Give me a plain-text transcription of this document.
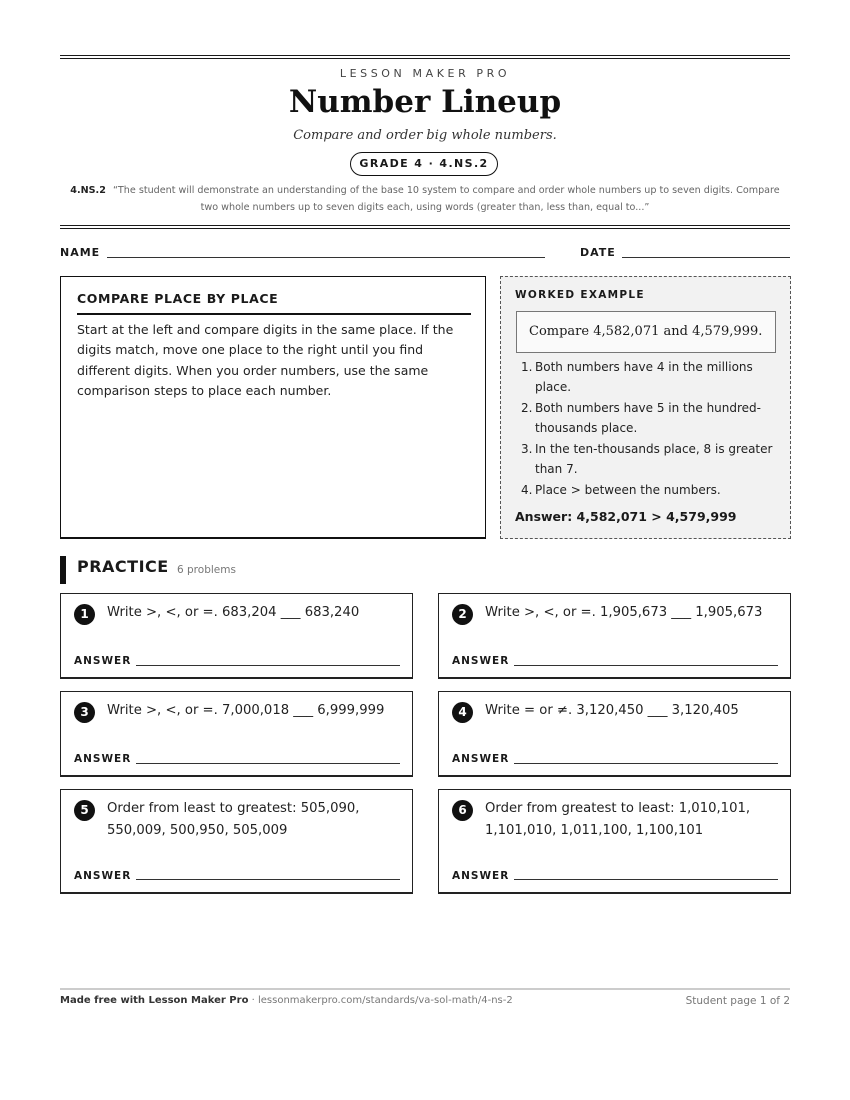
LESSON MAKER PRO
Number Lineup
Compare and order big whole numbers.
GRADE 4 · 4.NS.2
4.NS.2 “The student will demonstrate an understanding of the base 10 system to compare and order whole numbers up to seven digits. Compare two whole numbers up to seven digits each, using words (greater than, less than, equal to...”
NAME	DATE
COMPARE PLACE BY PLACE
Start at the left and compare digits in the same place. If the digits match, move one place to the right until you find different digits. When you order numbers, use the same comparison steps to place each number.
WORKED EXAMPLE
Compare 4,582,071 and 4,579,999.
1. Both numbers have 4 in the millions place.
2. Both numbers have 5 in the hundred-thousands place.
3. In the ten-thousands place, 8 is greater than 7.
4. Place > between the numbers.
Answer: 4,582,071 > 4,579,999
PRACTICE 6 problems
1	Write >, <, or =. 683,204 ___ 683,240
ANSWER
2	Write >, <, or =. 1,905,673 ___ 1,905,673
ANSWER
3	Write >, <, or =. 7,000,018 ___ 6,999,999
ANSWER
4	Write = or ≠. 3,120,450 ___ 3,120,405
ANSWER
5	Order from least to greatest: 505,090, 550,009, 500,950, 505,009
ANSWER
6	Order from greatest to least: 1,010,101, 1,101,010, 1,011,100, 1,100,101
ANSWER
Made free with Lesson Maker Pro · lessonmakerpro.com/standards/va-sol-math/4-ns-2	Student page 1 of 2
